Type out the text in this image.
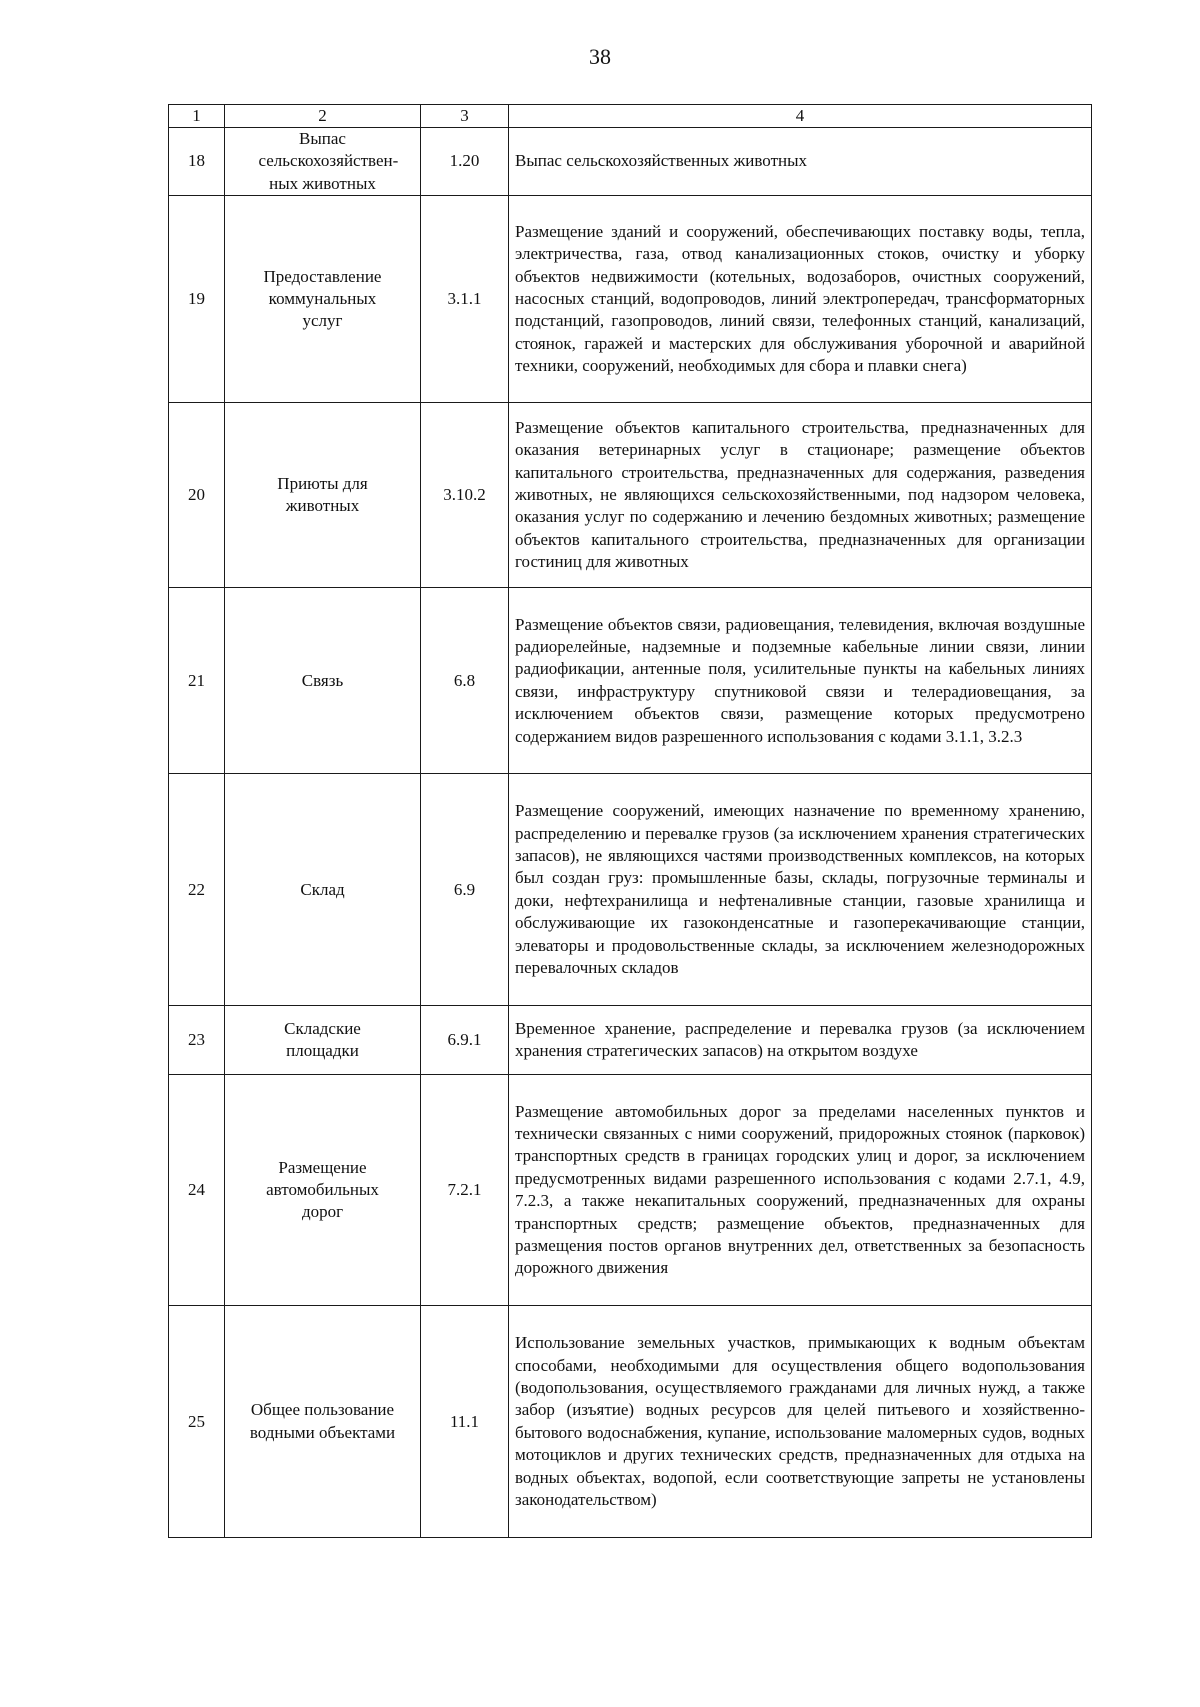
38
1	2	3	4
18	Выпас сельскохозяйствен-ных животных	1.20	Выпас сельскохозяйственных животных

19	Предоставление коммунальных услуг	3.1.1	Размещение зданий и сооружений, обеспечивающих поставку воды, тепла, электричества, газа, отвод канализационных стоков, очистку и уборку объектов недвижимости (котельных, водозаборов, очистных сооружений, насосных станций, водопроводов, линий электропередач, трансформаторных подстанций, газопроводов, линий связи, телефонных станций, канализаций, стоянок, гаражей и мастерских для обслуживания уборочной и аварийной техники, сооружений, необходимых для сбора и плавки снега)

20	Приюты для животных	3.10.2	Размещение объектов капитального строительства, предназначенных для оказания ветеринарных услуг в стационаре; размещение объектов капитального строительства, предназначенных для содержания, разведения животных, не являющихся сельскохозяйственными, под надзором человека, оказания услуг по содержанию и лечению бездомных животных; размещение объектов капитального строительства, предназначенных для организации гостиниц для животных

21	Связь	6.8	Размещение объектов связи, радиовещания, телевидения, включая воздушные радиорелейные, надземные и подземные кабельные линии связи, линии радиофикации, антенные поля, усилительные пункты на кабельных линиях связи, инфраструктуру спутниковой связи и телерадиовещания, за исключением объектов связи, размещение которых предусмотрено содержанием видов разрешенного использования с кодами 3.1.1, 3.2.3

22	Склад	6.9	Размещение сооружений, имеющих назначение по временному хранению, распределению и перевалке грузов (за исключением хранения стратегических запасов), не являющихся частями производственных комплексов, на которых был создан груз: промышленные базы, склады, погрузочные терминалы и доки, нефтехранилища и нефтеналивные станции, газовые хранилища и обслуживающие их газоконденсатные и газоперекачивающие станции, элеваторы и продовольственные склады, за исключением железнодорожных перевалочных складов

23	Складские площадки	6.9.1	Временное хранение, распределение и перевалка грузов (за исключением хранения стратегических запасов) на открытом воздухе

24	Размещение автомобильных дорог	7.2.1	Размещение автомобильных дорог за пределами населенных пунктов и технически связанных с ними сооружений, придорожных стоянок (парковок) транспортных средств в границах городских улиц и дорог, за исключением предусмотренных видами разрешенного использования с кодами 2.7.1, 4.9, 7.2.3, а также некапитальных сооружений, предназначенных для охраны транспортных средств; размещение объектов, предназначенных для размещения постов органов внутренних дел, ответственных за безопасность дорожного движения

25	Общее пользование водными объектами	11.1	Использование земельных участков, примыкающих к водным объектам способами, необходимыми для осуществления общего водопользования (водопользования, осуществляемого гражданами для личных нужд, а также забор (изъятие) водных ресурсов для целей питьевого и хозяйственно-бытового водоснабжения, купание, использование маломерных судов, водных мотоциклов и других технических средств, предназначенных для отдыха на водных объектах, водопой, если соответствующие запреты не установлены законодательством)
